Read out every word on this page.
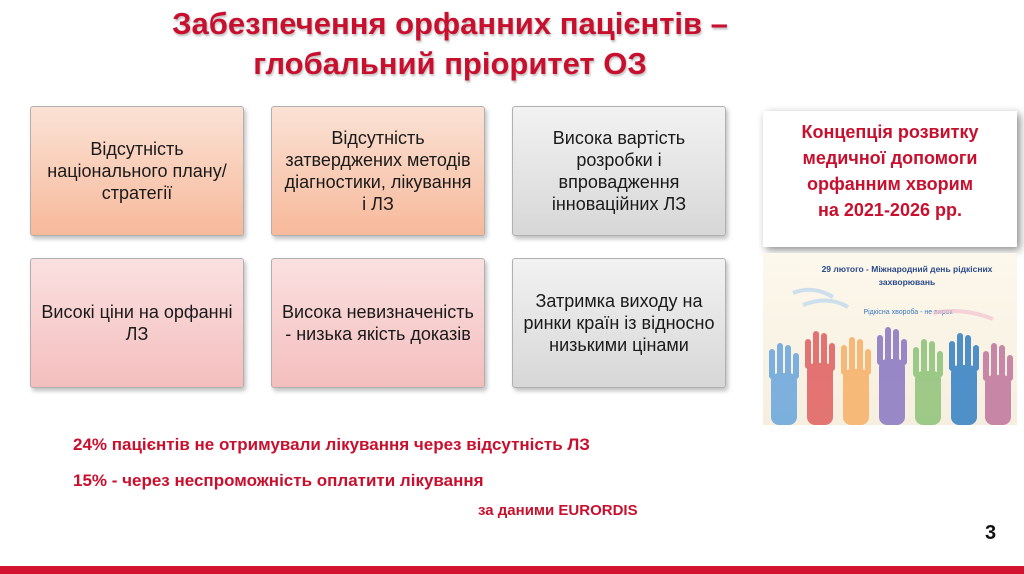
Забезпечення орфанних пацієнтів –
глобальний пріоритет ОЗ
Відсутність національного плану/стратегії
Відсутність затверджених методів діагностики, лікування і ЛЗ
Висока вартість розробки і впровадження інноваційних ЛЗ
Високі ціни на орфанні ЛЗ
Висока невизначеність - низька якість доказів
Затримка виходу на ринки країн із відносно низькими цінами
Концепція розвитку
медичної допомоги
орфанним хворим
на 2021-2026 рр.
29 лютого - Міжнародний день рідкісних захворювань
Рідкісна хвороба - не вирок
24% пацієнтів не отримували лікування через відсутність ЛЗ
15% - через неспроможність оплатити лікування
за даними EURORDIS
3
